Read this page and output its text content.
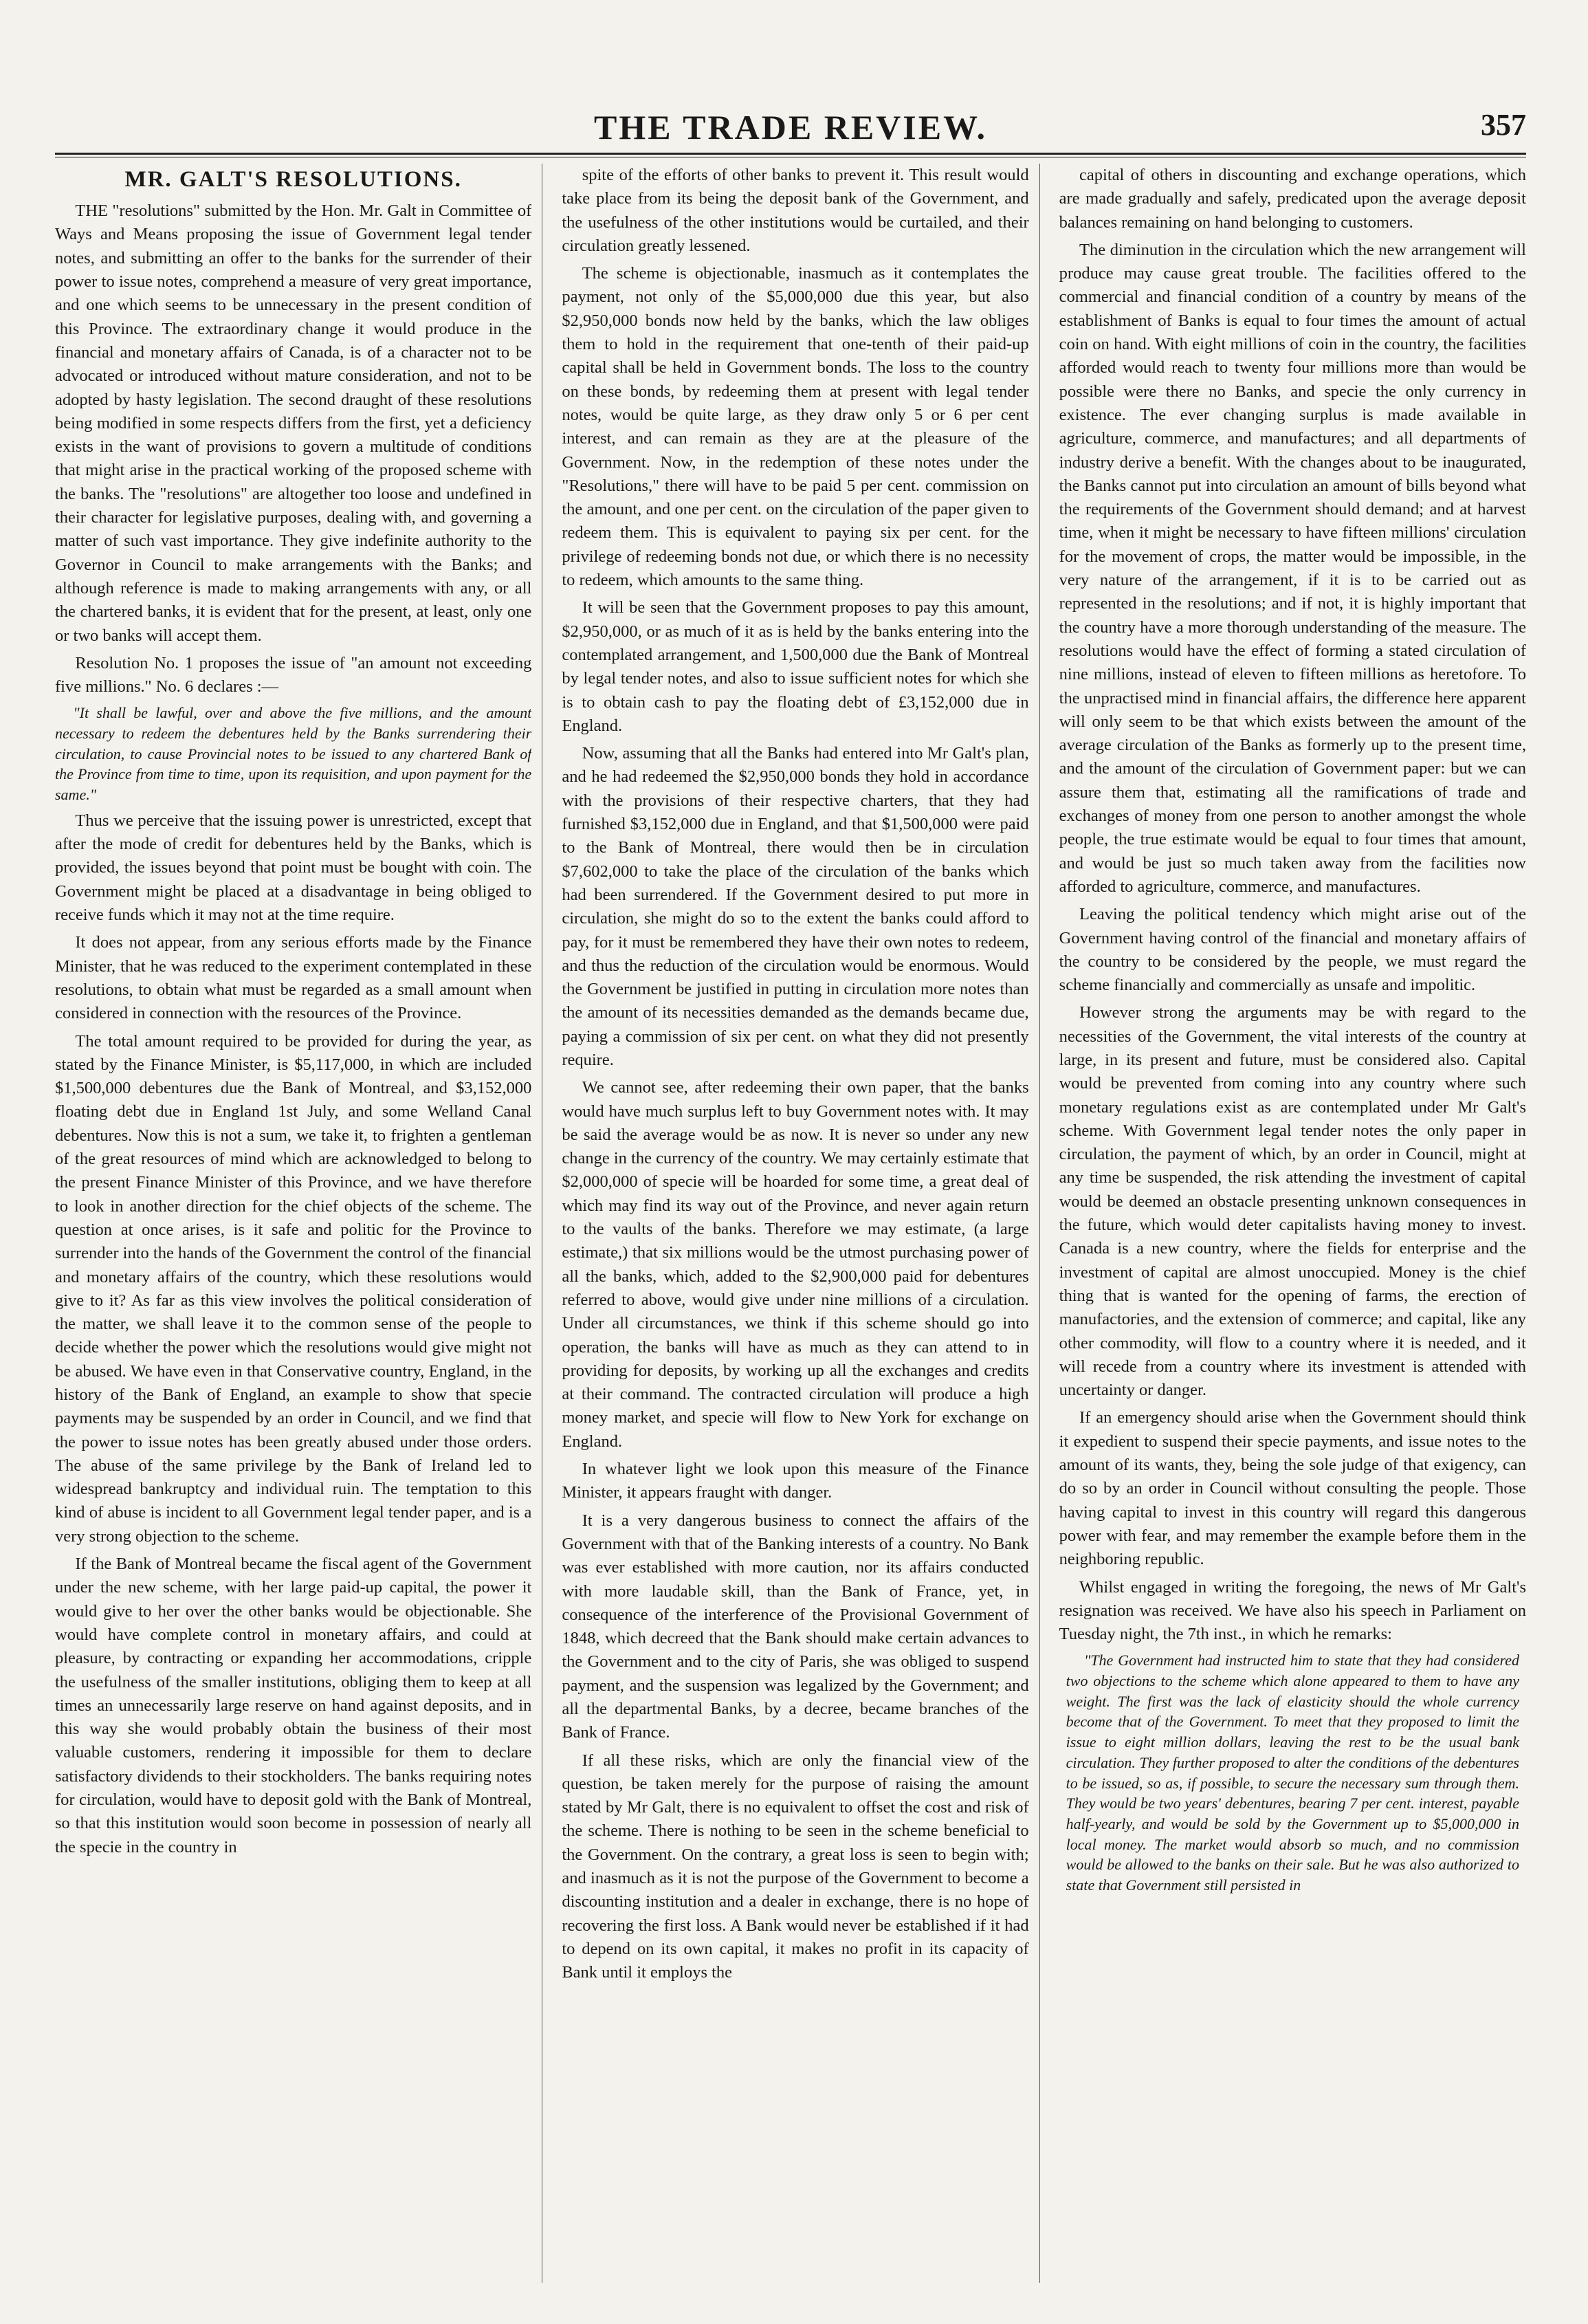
THE TRADE REVIEW.	357

MR. GALT'S RESOLUTIONS.

THE "resolutions" submitted by the Hon. Mr. Galt in Committee of Ways and Means proposing the issue of Government legal tender notes, and submitting an offer to the banks for the surrender of their power to issue notes, comprehend a measure of very great importance, and one which seems to be unnecessary in the present condition of this Province. The extraordinary change it would produce in the financial and monetary affairs of Canada, is of a character not to be advocated or introduced without mature consideration, and not to be adopted by hasty legislation. The second draught of these resolutions being modified in some respects differs from the first, yet a deficiency exists in the want of provisions to govern a multitude of conditions that might arise in the practical working of the proposed scheme with the banks. The "resolutions" are altogether too loose and undefined in their character for legislative purposes, dealing with, and governing a matter of such vast importance. They give indefinite authority to the Governor in Council to make arrangements with the Banks; and although reference is made to making arrangements with any, or all the chartered banks, it is evident that for the present, at least, only one or two banks will accept them.

Resolution No. 1 proposes the issue of "an amount not exceeding five millions." No. 6 declares :—

"It shall be lawful, over and above the five millions, and the amount necessary to redeem the debentures held by the Banks surrendering their circulation, to cause Provincial notes to be issued to any chartered Bank of the Province from time to time, upon its requisition, and upon payment for the same."

Thus we perceive that the issuing power is unrestricted, except that after the mode of credit for debentures held by the Banks, which is provided, the issues beyond that point must be bought with coin. The Government might be placed at a disadvantage in being obliged to receive funds which it may not at the time require.

It does not appear, from any serious efforts made by the Finance Minister, that he was reduced to the experiment contemplated in these resolutions, to obtain what must be regarded as a small amount when considered in connection with the resources of the Province.

The total amount required to be provided for during the year, as stated by the Finance Minister, is $5,117,000, in which are included $1,500,000 debentures due the Bank of Montreal, and $3,152,000 floating debt due in England 1st July, and some Welland Canal debentures. Now this is not a sum, we take it, to frighten a gentleman of the great resources of mind which are acknowledged to belong to the present Finance Minister of this Province, and we have therefore to look in another direction for the chief objects of the scheme. The question at once arises, is it safe and politic for the Province to surrender into the hands of the Government the control of the financial and monetary affairs of the country, which these resolutions would give to it? As far as this view involves the political consideration of the matter, we shall leave it to the common sense of the people to decide whether the power which the resolutions would give might not be abused. We have even in that Conservative country, England, in the history of the Bank of England, an example to show that specie payments may be suspended by an order in Council, and we find that the power to issue notes has been greatly abused under those orders. The abuse of the same privilege by the Bank of Ireland led to widespread bankruptcy and individual ruin. The temptation to this kind of abuse is incident to all Government legal tender paper, and is a very strong objection to the scheme.

If the Bank of Montreal became the fiscal agent of the Government under the new scheme, with her large paid-up capital, the power it would give to her over the other banks would be objectionable. She would have complete control in monetary affairs, and could at pleasure, by contracting or expanding her accommodations, cripple the usefulness of the smaller institutions, obliging them to keep at all times an unnecessarily large reserve on hand against deposits, and in this way she would probably obtain the business of their most valuable customers, rendering it impossible for them to declare satisfactory dividends to their stockholders. The banks requiring notes for circulation, would have to deposit gold with the Bank of Montreal, so that this institution would soon become in possession of nearly all the specie in the country in

spite of the efforts of other banks to prevent it. This result would take place from its being the deposit bank of the Government, and the usefulness of the other institutions would be curtailed, and their circulation greatly lessened.

The scheme is objectionable, inasmuch as it contemplates the payment, not only of the $5,000,000 due this year, but also $2,950,000 bonds now held by the banks, which the law obliges them to hold in the requirement that one-tenth of their paid-up capital shall be held in Government bonds. The loss to the country on these bonds, by redeeming them at present with legal tender notes, would be quite large, as they draw only 5 or 6 per cent interest, and can remain as they are at the pleasure of the Government. Now, in the redemption of these notes under the "Resolutions," there will have to be paid 5 per cent. commission on the amount, and one per cent. on the circulation of the paper given to redeem them. This is equivalent to paying six per cent. for the privilege of redeeming bonds not due, or which there is no necessity to redeem, which amounts to the same thing.

It will be seen that the Government proposes to pay this amount, $2,950,000, or as much of it as is held by the banks entering into the contemplated arrangement, and 1,500,000 due the Bank of Montreal by legal tender notes, and also to issue sufficient notes for which she is to obtain cash to pay the floating debt of £3,152,000 due in England.

Now, assuming that all the Banks had entered into Mr Galt's plan, and he had redeemed the $2,950,000 bonds they hold in accordance with the provisions of their respective charters, that they had furnished $3,152,000 due in England, and that $1,500,000 were paid to the Bank of Montreal, there would then be in circulation $7,602,000 to take the place of the circulation of the banks which had been surrendered. If the Government desired to put more in circulation, she might do so to the extent the banks could afford to pay, for it must be remembered they have their own notes to redeem, and thus the reduction of the circulation would be enormous. Would the Government be justified in putting in circulation more notes than the amount of its necessities demanded as the demands became due, paying a commission of six per cent. on what they did not presently require.

We cannot see, after redeeming their own paper, that the banks would have much surplus left to buy Government notes with. It may be said the average would be as now. It is never so under any new change in the currency of the country. We may certainly estimate that $2,000,000 of specie will be hoarded for some time, a great deal of which may find its way out of the Province, and never again return to the vaults of the banks. Therefore we may estimate, (a large estimate,) that six millions would be the utmost purchasing power of all the banks, which, added to the $2,900,000 paid for debentures referred to above, would give under nine millions of a circulation. Under all circumstances, we think if this scheme should go into operation, the banks will have as much as they can attend to in providing for deposits, by working up all the exchanges and credits at their command. The contracted circulation will produce a high money market, and specie will flow to New York for exchange on England.

In whatever light we look upon this measure of the Finance Minister, it appears fraught with danger.

It is a very dangerous business to connect the affairs of the Government with that of the Banking interests of a country. No Bank was ever established with more caution, nor its affairs conducted with more laudable skill, than the Bank of France, yet, in consequence of the interference of the Provisional Government of 1848, which decreed that the Bank should make certain advances to the Government and to the city of Paris, she was obliged to suspend payment, and the suspension was legalized by the Government; and all the departmental Banks, by a decree, became branches of the Bank of France.

If all these risks, which are only the financial view of the question, be taken merely for the purpose of raising the amount stated by Mr Galt, there is no equivalent to offset the cost and risk of the scheme. There is nothing to be seen in the scheme beneficial to the Government. On the contrary, a great loss is seen to begin with; and inasmuch as it is not the purpose of the Government to become a discounting institution and a dealer in exchange, there is no hope of recovering the first loss. A Bank would never be established if it had to depend on its own capital, it makes no profit in its capacity of Bank until it employs the

capital of others in discounting and exchange operations, which are made gradually and safely, predicated upon the average deposit balances remaining on hand belonging to customers.

The diminution in the circulation which the new arrangement will produce may cause great trouble. The facilities offered to the commercial and financial condition of a country by means of the establishment of Banks is equal to four times the amount of actual coin on hand. With eight millions of coin in the country, the facilities afforded would reach to twenty four millions more than would be possible were there no Banks, and specie the only currency in existence. The ever changing surplus is made available in agriculture, commerce, and manufactures; and all departments of industry derive a benefit. With the changes about to be inaugurated, the Banks cannot put into circulation an amount of bills beyond what the requirements of the Government should demand; and at harvest time, when it might be necessary to have fifteen millions' circulation for the movement of crops, the matter would be impossible, in the very nature of the arrangement, if it is to be carried out as represented in the resolutions; and if not, it is highly important that the country have a more thorough understanding of the measure. The resolutions would have the effect of forming a stated circulation of nine millions, instead of eleven to fifteen millions as heretofore. To the unpractised mind in financial affairs, the difference here apparent will only seem to be that which exists between the amount of the average circulation of the Banks as formerly up to the present time, and the amount of the circulation of Government paper: but we can assure them that, estimating all the ramifications of trade and exchanges of money from one person to another amongst the whole people, the true estimate would be equal to four times that amount, and would be just so much taken away from the facilities now afforded to agriculture, commerce, and manufactures.

Leaving the political tendency which might arise out of the Government having control of the financial and monetary affairs of the country to be considered by the people, we must regard the scheme financially and commercially as unsafe and impolitic.

However strong the arguments may be with regard to the necessities of the Government, the vital interests of the country at large, in its present and future, must be considered also. Capital would be prevented from coming into any country where such monetary regulations exist as are contemplated under Mr Galt's scheme. With Government legal tender notes the only paper in circulation, the payment of which, by an order in Council, might at any time be suspended, the risk attending the investment of capital would be deemed an obstacle presenting unknown consequences in the future, which would deter capitalists having money to invest. Canada is a new country, where the fields for enterprise and the investment of capital are almost unoccupied. Money is the chief thing that is wanted for the opening of farms, the erection of manufactories, and the extension of commerce; and capital, like any other commodity, will flow to a country where it is needed, and it will recede from a country where its investment is attended with uncertainty or danger.

If an emergency should arise when the Government should think it expedient to suspend their specie payments, and issue notes to the amount of its wants, they, being the sole judge of that exigency, can do so by an order in Council without consulting the people. Those having capital to invest in this country will regard this dangerous power with fear, and may remember the example before them in the neighboring republic.

Whilst engaged in writing the foregoing, the news of Mr Galt's resignation was received. We have also his speech in Parliament on Tuesday night, the 7th inst., in which he remarks:

"The Government had instructed him to state that they had considered two objections to the scheme which alone appeared to them to have any weight. The first was the lack of elasticity should the whole currency become that of the Government. To meet that they proposed to limit the issue to eight million dollars, leaving the rest to be the usual bank circulation. They further proposed to alter the conditions of the debentures to be issued, so as, if possible, to secure the necessary sum through them. They would be two years' debentures, bearing 7 per cent. interest, payable half-yearly, and would be sold by the Government up to $5,000,000 in local money. The market would absorb so much, and no commission would be allowed to the banks on their sale. But he was also authorized to state that Government still persisted in
